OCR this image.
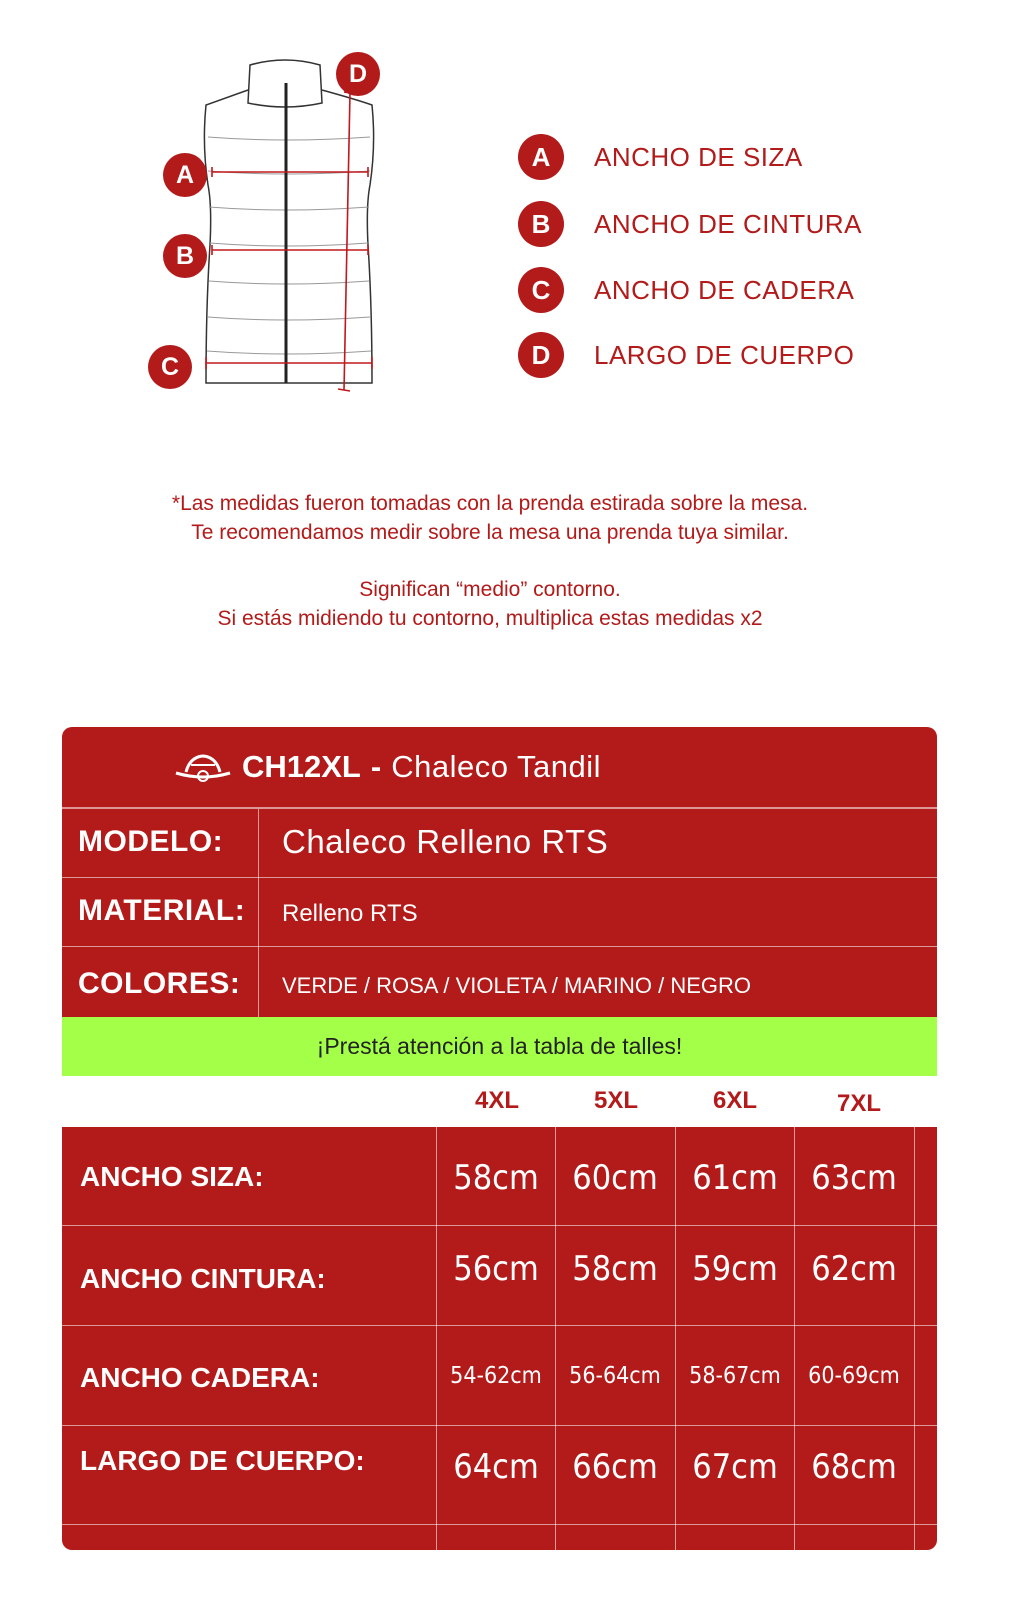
D
A
B
C
A	ANCHO DE SIZA
B	ANCHO DE CINTURA
C	ANCHO DE CADERA
D	LARGO DE CUERPO
*Las medidas fueron tomadas con la prenda estirada sobre la mesa.
Te recomendamos medir sobre la mesa una prenda tuya similar.
Significan “medio” contorno.
Si estás midiendo tu contorno, multiplica estas medidas x2
CH12XL - Chaleco Tandil
MODELO: Chaleco Relleno RTS
MATERIAL: Relleno RTS
COLORES: VERDE / ROSA / VIOLETA / MARINO / NEGRO
ANCHO SIZA:	58cm 60cm	61cm 63cm
ANCHO CINTURA:	56cm 58cm	59cm 62cm
ANCHO CADERA:	54-62cm	56-64cm	58-67cm	60-69cm
LARGO DE CUERPO:	64cm 66cm	67cm 68cm
¡Prestá atención a la tabla de talles!
4XL	5XL	6XL	7XL
